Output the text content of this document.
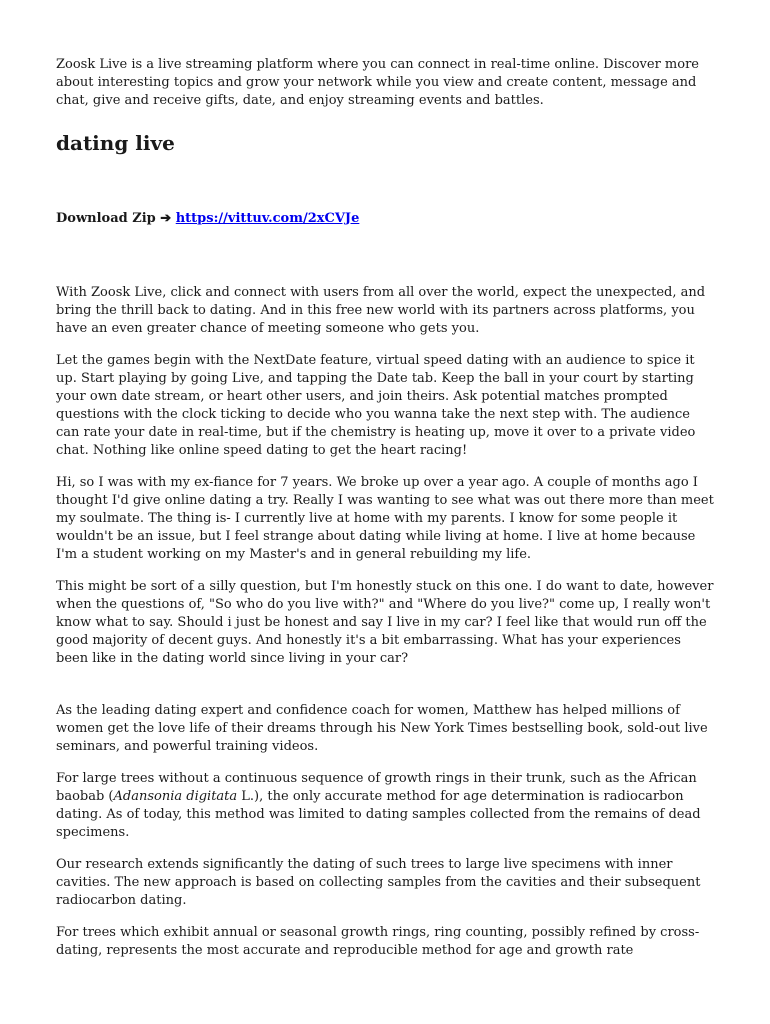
Zoosk Live is a live streaming platform where you can connect in real-time online. Discover more about interesting topics and grow your network while you view and create content, message and chat, give and receive gifts, date, and enjoy streaming events and battles.

dating live

Download Zip ➔ https://vittuv.com/2xCVJe

With Zoosk Live, click and connect with users from all over the world, expect the unexpected, and bring the thrill back to dating. And in this free new world with its partners across platforms, you have an even greater chance of meeting someone who gets you.

Let the games begin with the NextDate feature, virtual speed dating with an audience to spice it up. Start playing by going Live, and tapping the Date tab. Keep the ball in your court by starting your own date stream, or heart other users, and join theirs. Ask potential matches prompted questions with the clock ticking to decide who you wanna take the next step with. The audience can rate your date in real-time, but if the chemistry is heating up, move it over to a private video chat. Nothing like online speed dating to get the heart racing!

Hi, so I was with my ex-fiance for 7 years. We broke up over a year ago. A couple of months ago I thought I'd give online dating a try. Really I was wanting to see what was out there more than meet my soulmate. The thing is- I currently live at home with my parents. I know for some people it wouldn't be an issue, but I feel strange about dating while living at home. I live at home because I'm a student working on my Master's and in general rebuilding my life.

This might be sort of a silly question, but I'm honestly stuck on this one. I do want to date, however when the questions of, "So who do you live with?" and "Where do you live?" come up, I really won't know what to say. Should i just be honest and say I live in my car? I feel like that would run off the good majority of decent guys. And honestly it's a bit embarrassing. What has your experiences been like in the dating world since living in your car?

As the leading dating expert and confidence coach for women, Matthew has helped millions of women get the love life of their dreams through his New York Times bestselling book, sold-out live seminars, and powerful training videos.

For large trees without a continuous sequence of growth rings in their trunk, such as the African baobab (Adansonia digitata L.), the only accurate method for age determination is radiocarbon dating. As of today, this method was limited to dating samples collected from the remains of dead specimens.

Our research extends significantly the dating of such trees to large live specimens with inner cavities. The new approach is based on collecting samples from the cavities and their subsequent radiocarbon dating.

For trees which exhibit annual or seasonal growth rings, ring counting, possibly refined by cross-dating, represents the most accurate and reproducible method for age and growth rate
